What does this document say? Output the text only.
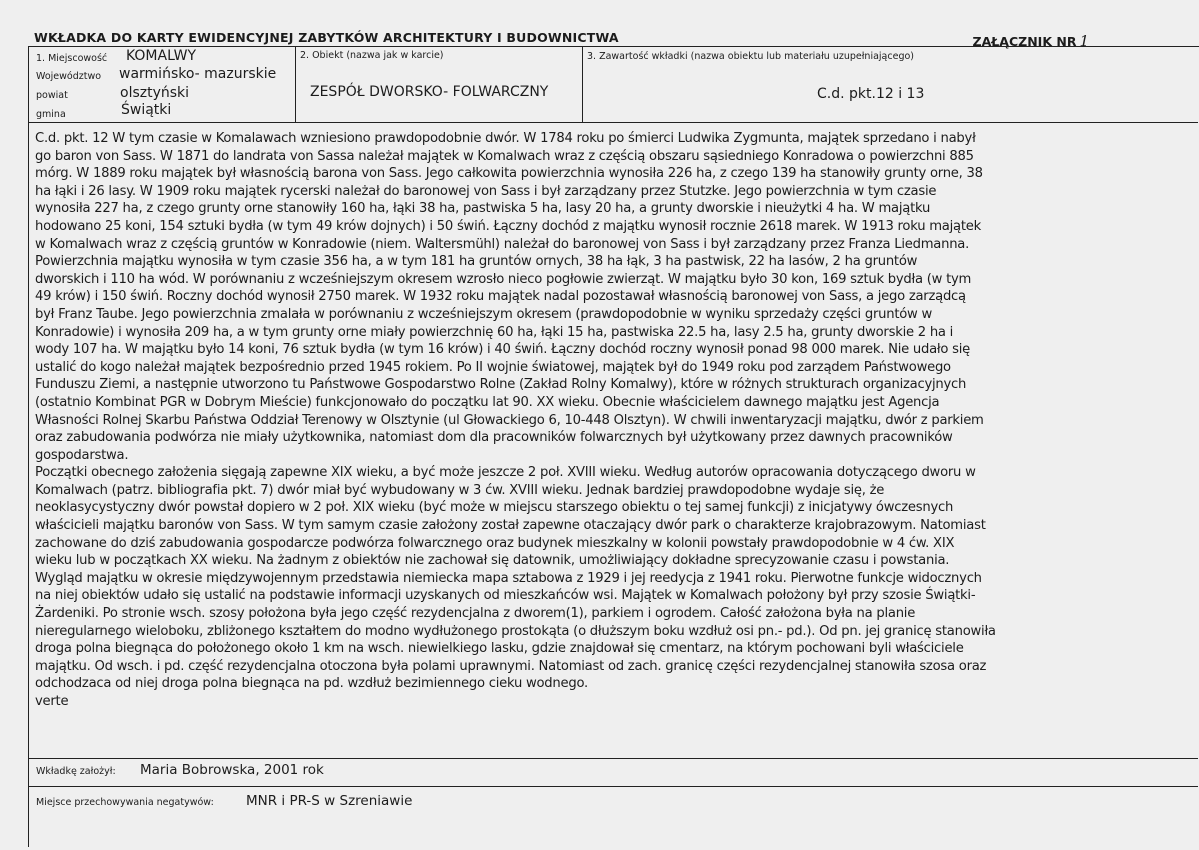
WKŁADKA DO KARTY EWIDENCYJNEJ ZABYTKÓW ARCHITEKTURY I BUDOWNICTWA	ZAŁĄCZNIK NR 1
1. Miejscowość KOMALWY
Województwo warmińsko- mazurskie
powiat	olsztyński
gmina	Świątki
2. Obiekt (nazwa jak w karcie)
ZESPÓŁ DWORSKO- FOLWARCZNY
3. Zawartość wkładki (nazwa obiektu lub materiału uzupełniającego)
C.d. pkt.12 i 13
C.d. pkt. 12 W tym czasie w Komalawach wzniesiono prawdopodobnie dwór. W 1784 roku po śmierci Ludwika Zygmunta, majątek sprzedano i nabył
go baron von Sass. W 1871 do landrata von Sassa należał majątek w Komalwach wraz z częścią obszaru sąsiedniego Konradowa o powierzchni 885
mórg. W 1889 roku majątek był własnością barona von Sass. Jego całkowita powierzchnia wynosiła 226 ha, z czego 139 ha stanowiły grunty orne, 38
ha łąki i 26 lasy. W 1909 roku majątek rycerski należał do baronowej von Sass i był zarządzany przez Stutzke. Jego powierzchnia w tym czasie
wynosiła 227 ha, z czego grunty orne stanowiły 160 ha, łąki 38 ha, pastwiska 5 ha, lasy 20 ha, a grunty dworskie i nieużytki 4 ha. W majątku
hodowano 25 koni, 154 sztuki bydła (w tym 49 krów dojnych) i 50 świń. Łączny dochód z majątku wynosił rocznie 2618 marek. W 1913 roku majątek
w Komalwach wraz z częścią gruntów w Konradowie (niem. Waltersmühl) należał do baronowej von Sass i był zarządzany przez Franza Liedmanna.
Powierzchnia majątku wynosiła w tym czasie 356 ha, a w tym 181 ha gruntów ornych, 38 ha łąk, 3 ha pastwisk, 22 ha lasów, 2 ha gruntów
dworskich i 110 ha wód. W porównaniu z wcześniejszym okresem wzrosło nieco pogłowie zwierząt. W majątku było 30 kon, 169 sztuk bydła (w tym
49 krów) i 150 świń. Roczny dochód wynosił 2750 marek. W 1932 roku majątek nadal pozostawał własnością baronowej von Sass, a jego zarządcą
był Franz Taube. Jego powierzchnia zmalała w porównaniu z wcześniejszym okresem (prawdopodobnie w wyniku sprzedaży części gruntów w
Konradowie) i wynosiła 209 ha, a w tym grunty orne miały powierzchnię 60 ha, łąki 15 ha, pastwiska 22.5 ha, lasy 2.5 ha, grunty dworskie 2 ha i
wody 107 ha. W majątku było 14 koni, 76 sztuk bydła (w tym 16 krów) i 40 świń. Łączny dochód roczny wynosił ponad 98 000 marek. Nie udało się
ustalić do kogo należał majątek bezpośrednio przed 1945 rokiem. Po II wojnie światowej, majątek był do 1949 roku pod zarządem Państwowego
Funduszu Ziemi, a następnie utworzono tu Państwowe Gospodarstwo Rolne (Zakład Rolny Komalwy), które w różnych strukturach organizacyjnych
(ostatnio Kombinat PGR w Dobrym Mieście) funkcjonowało do początku lat 90. XX wieku. Obecnie właścicielem dawnego majątku jest Agencja
Własności Rolnej Skarbu Państwa Oddział Terenowy w Olsztynie (ul Głowackiego 6, 10-448 Olsztyn). W chwili inwentaryzacji majątku, dwór z parkiem
oraz zabudowania podwórza nie miały użytkownika, natomiast dom dla pracowników folwarcznych był użytkowany przez dawnych pracowników
gospodarstwa.
Początki obecnego założenia sięgają zapewne XIX wieku, a być może jeszcze 2 poł. XVIII wieku. Według autorów opracowania dotyczącego dworu w
Komalwach (patrz. bibliografia pkt. 7) dwór miał być wybudowany w 3 ćw. XVIII wieku. Jednak bardziej prawdopodobne wydaje się, że
neoklasycystyczny dwór powstał dopiero w 2 poł. XIX wieku (być może w miejscu starszego obiektu o tej samej funkcji) z inicjatywy ówczesnych
właścicieli majątku baronów von Sass. W tym samym czasie założony został zapewne otaczający dwór park o charakterze krajobrazowym. Natomiast
zachowane do dziś zabudowania gospodarcze podwórza folwarcznego oraz budynek mieszkalny w kolonii powstały prawdopodobnie w 4 ćw. XIX
wieku lub w początkach XX wieku. Na żadnym z obiektów nie zachował się datownik, umożliwiający dokładne sprecyzowanie czasu i powstania.
Wygląd majątku w okresie międzywojennym przedstawia niemiecka mapa sztabowa z 1929 i jej reedycja z 1941 roku. Pierwotne funkcje widocznych
na niej obiektów udało się ustalić na podstawie informacji uzyskanych od mieszkańców wsi. Majątek w Komalwach położony był przy szosie Świątki-
Żardeniki. Po stronie wsch. szosy położona była jego część rezydencjalna z dworem(1), parkiem i ogrodem. Całość założona była na planie
nieregularnego wieloboku, zbliżonego kształtem do modno wydłużonego prostokąta (o dłuższym boku wzdłuż osi pn.- pd.). Od pn. jej granicę stanowiła
droga polna biegnąca do położonego około 1 km na wsch. niewielkiego lasku, gdzie znajdował się cmentarz, na którym pochowani byli właściciele
majątku. Od wsch. i pd. część rezydencjalna otoczona była polami uprawnymi. Natomiast od zach. granicę części rezydencjalnej stanowiła szosa oraz
odchodzaca od niej droga polna biegnąca na pd. wzdłuż bezimiennego cieku wodnego.
verte
Wkładkę założył: Maria Bobrowska, 2001 rok
Miejsce przechowywania negatywów: MNR i PR-S w Szreniawie
